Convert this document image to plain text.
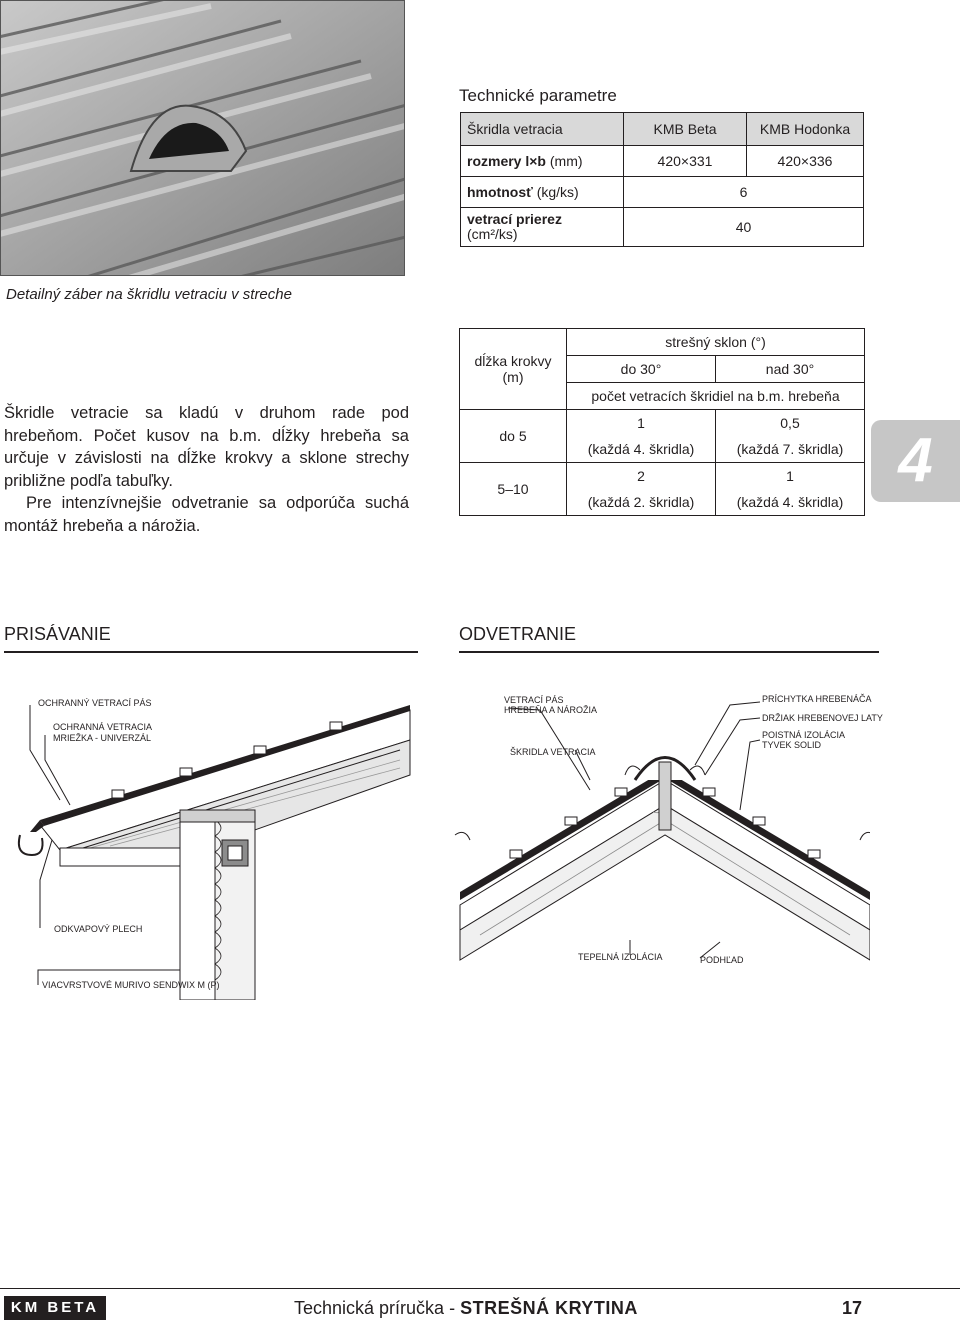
Detailný záber na škridlu vetraciu v streche
Technické parametre
Škridla vetracia	KMB Beta	KMB Hodonka
rozmery l×b (mm)	420×331	420×336
hmotnosť (kg/ks)	6	
vetrací prierez
(cm²/ks)	40	

Škridle vetracie sa kladú v druhom rade pod hrebeňom. Počet kusov na b.m. dĺžky hrebeňa sa určuje v závislosti na dĺžke krokvy a sklone strechy približne podľa tabuľky.

Pre intenzívnejšie odvetranie sa odporúča suchá montáž hrebeňa a nárožia.

dĺžka krokvy (m)	strešný sklon (°)	
	do 30°	nad 30°
	počet vetracích škridiel na b.m. hrebeňa	
do 5	1	0,5
	(každá 4. škridla)	(každá 7. škridla)
5–10	2	1
	(každá 2. škridla)	(každá 4. škridla)
4
PRISÁVANIE	ODVETRANIE
OCHRANNÝ VETRACÍ PÁS
OCHRANNÁ VETRACIA MRIEŽKA - UNIVERZÁL
ODKVAPOVÝ PLECH
VIACVRSTVOVÉ MURIVO SENDWIX M (P)
VETRACÍ PÁS
HREBEŇA A NÁROŽIA
ŠKRIDLA VETRACIA
PRÍCHYTKA HREBENÁČA
DRŽIAK HREBENOVEJ LATY
POISTNÁ IZOLÁCIA
TYVEK SOLID
TEPELNÁ IZOLÁCIA	PODHĽAD
KM BETA	Technická príručka - STREŠNÁ KRYTINA	17
